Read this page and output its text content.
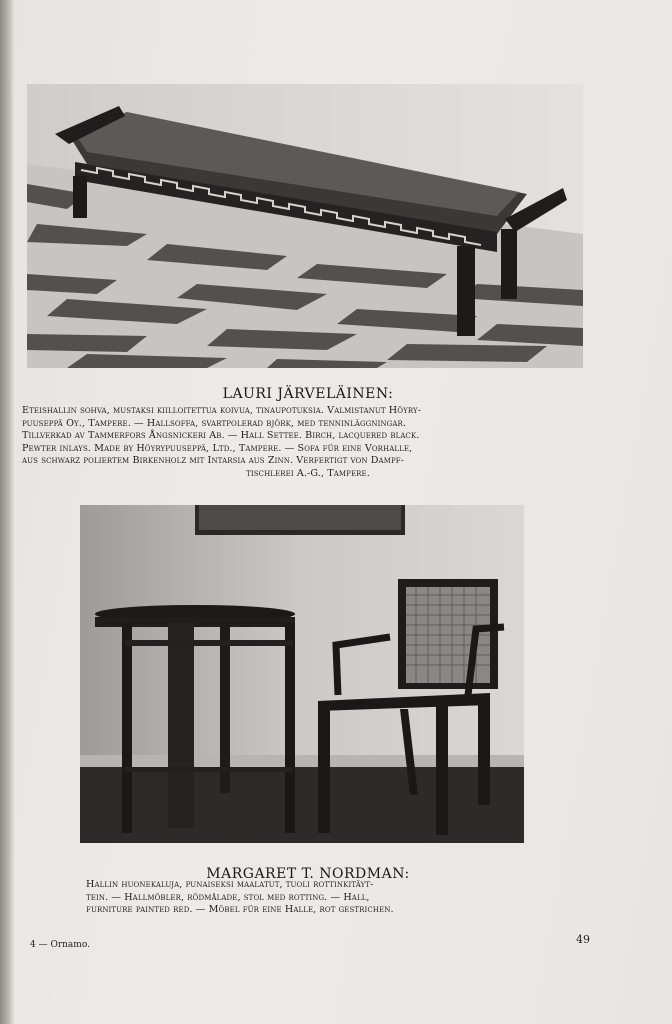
LAURI JÄRVELÄINEN:
Eteishallin sohva, mustaksi kiilloitettua koivua, tinaupotuksia. Valmistanut Höyry-
puuseppä Oy., Tampere. — Hallsoffa, svartpolerad björk, med tenninläggningar.
Tillverkad av Tammerfors Ångsnickeri Ab. — Hall Settee. Birch, lacquered black.
Pewter inlays. Made by Höyrypuuseppä, Ltd., Tampere. — Sofa für eine Vorhalle,
aus schwarz poliertem Birkenholz mit Intarsia aus Zinn. Verfertigt von Dampf-
tischlerei A.-G., Tampere.
MARGARET T. NORDMAN:
Hallin huonekaluja, punaiseksi maalatut, tuoli rottinkitäyt-
tein. — Hallmöbler, rödmålade, stol med rotting. — Hall,
furniture painted red. — Möbel für eine Halle, rot gestrichen.
4 — Ornamo.	49
